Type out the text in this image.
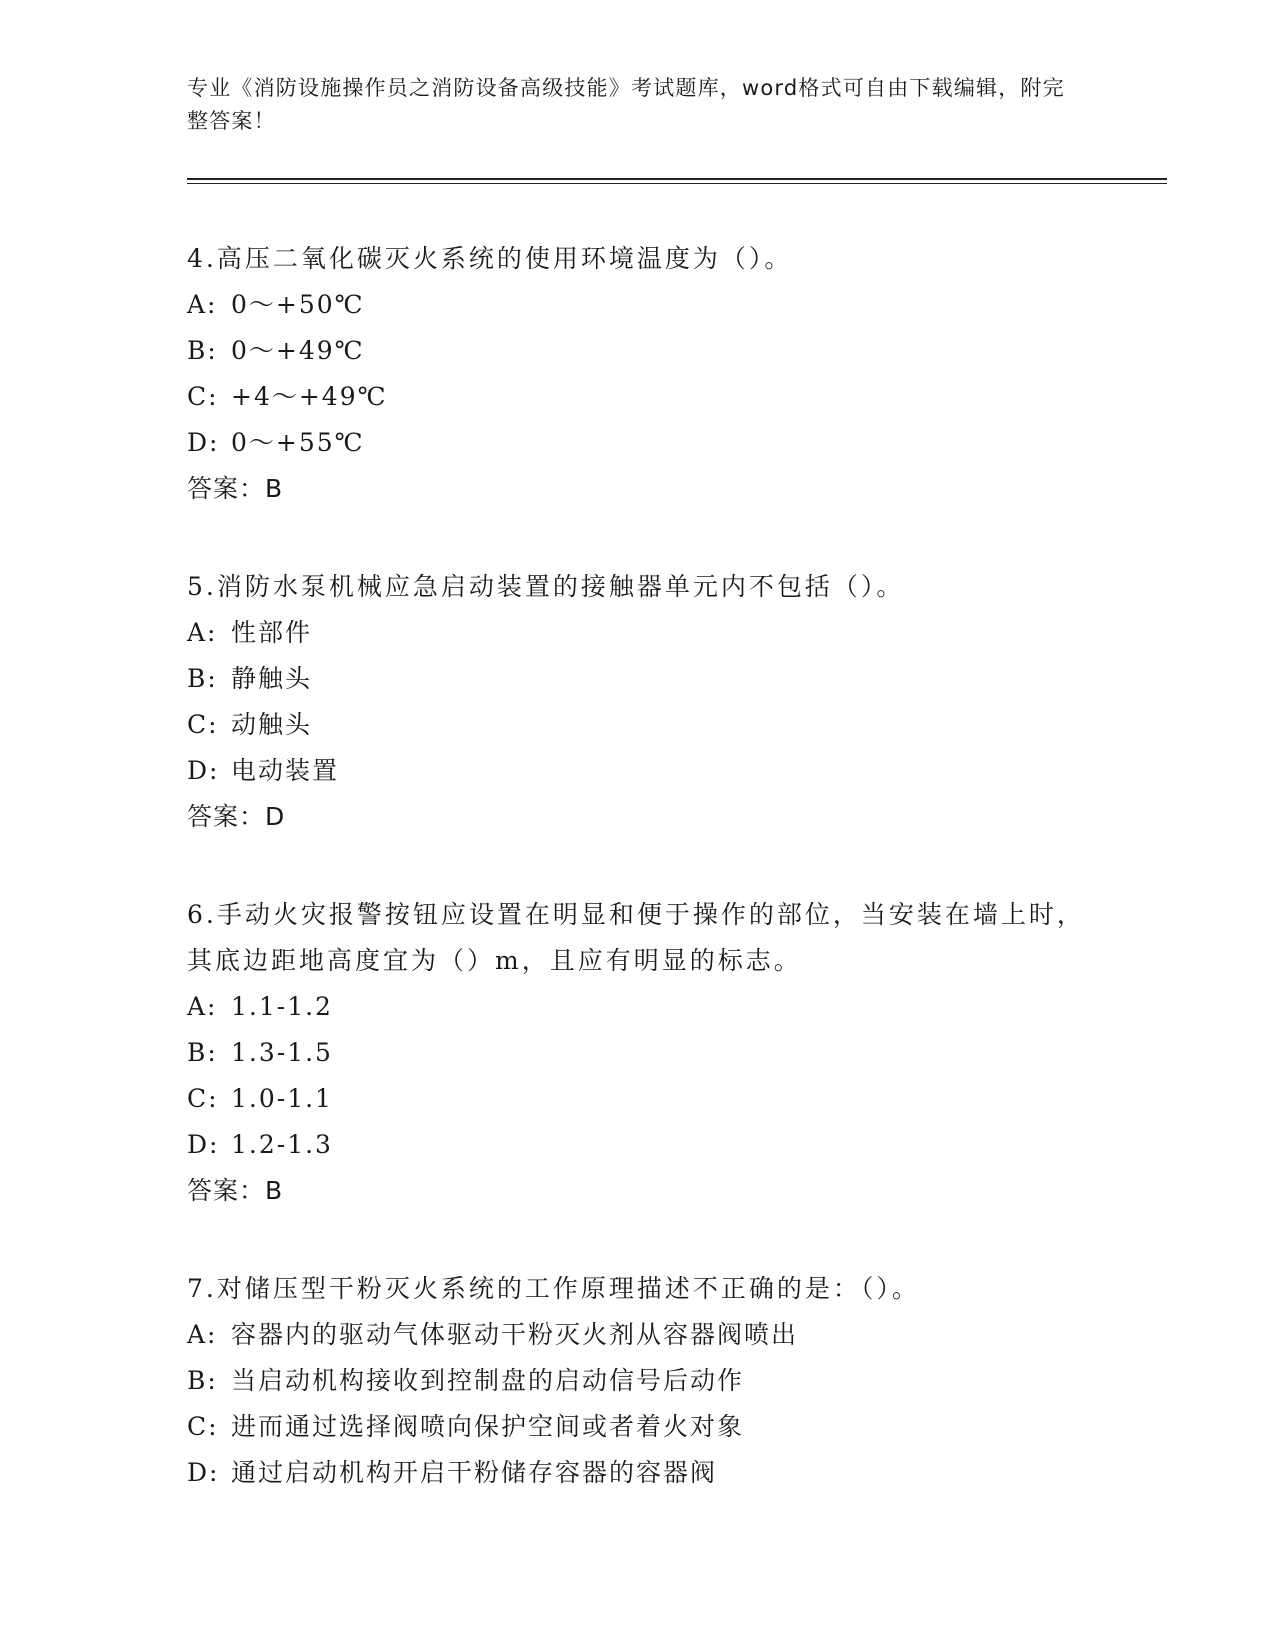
专业《消防设施操作员之消防设备高级技能》考试题库，word格式可自由下载编辑，附完整答案！

4.高压二氧化碳灭火系统的使用环境温度为（）。

A: 0～+50℃
B: 0～+49℃
C: +4～+49℃
D: 0～+55℃

答案：B

5.消防水泵机械应急启动装置的接触器单元内不包括（）。

A: 性部件
B: 静触头
C: 动触头
D: 电动装置

答案：D

6.手动火灾报警按钮应设置在明显和便于操作的部位，当安装在墙上时，其底边距地高度宜为（）m，且应有明显的标志。

A: 1.1-1.2
B: 1.3-1.5
C: 1.0-1.1
D: 1.2-1.3

答案：B

7.对储压型干粉灭火系统的工作原理描述不正确的是：（）。

A: 容器内的驱动气体驱动干粉灭火剂从容器阀喷出
B: 当启动机构接收到控制盘的启动信号后动作
C: 进而通过选择阀喷向保护空间或者着火对象
D: 通过启动机构开启干粉储存容器的容器阀
